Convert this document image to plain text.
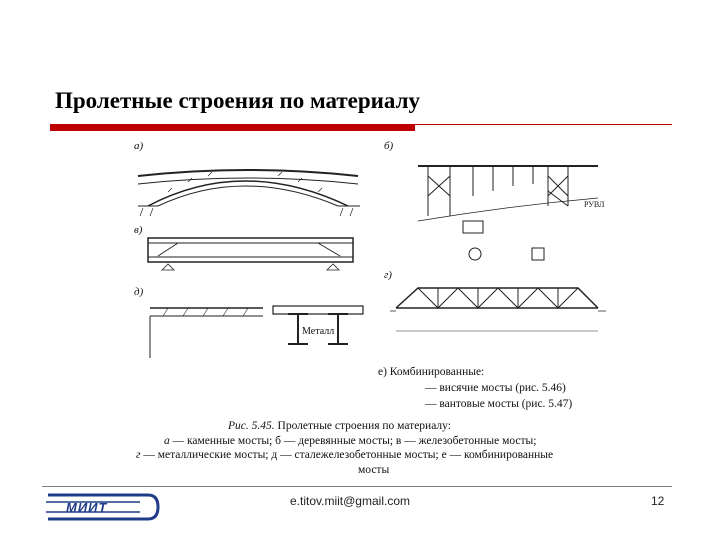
Пролетные строения по материалу
а)	б)
в)
г)
д)
Металл
РУВЛ
е) Комбинированные:
— висячие мосты (рис. 5.46)
— вантовые мосты (рис. 5.47)
Рис. 5.45. Пролетные строения по материалу:
а — каменные мосты; б — деревянные мосты; в — железобетонные мосты;
г — металлические мосты; д — сталежелезобетонные мосты; е — комбинированные
мосты
МИИТ	e.titov.miit@gmail.com	12
